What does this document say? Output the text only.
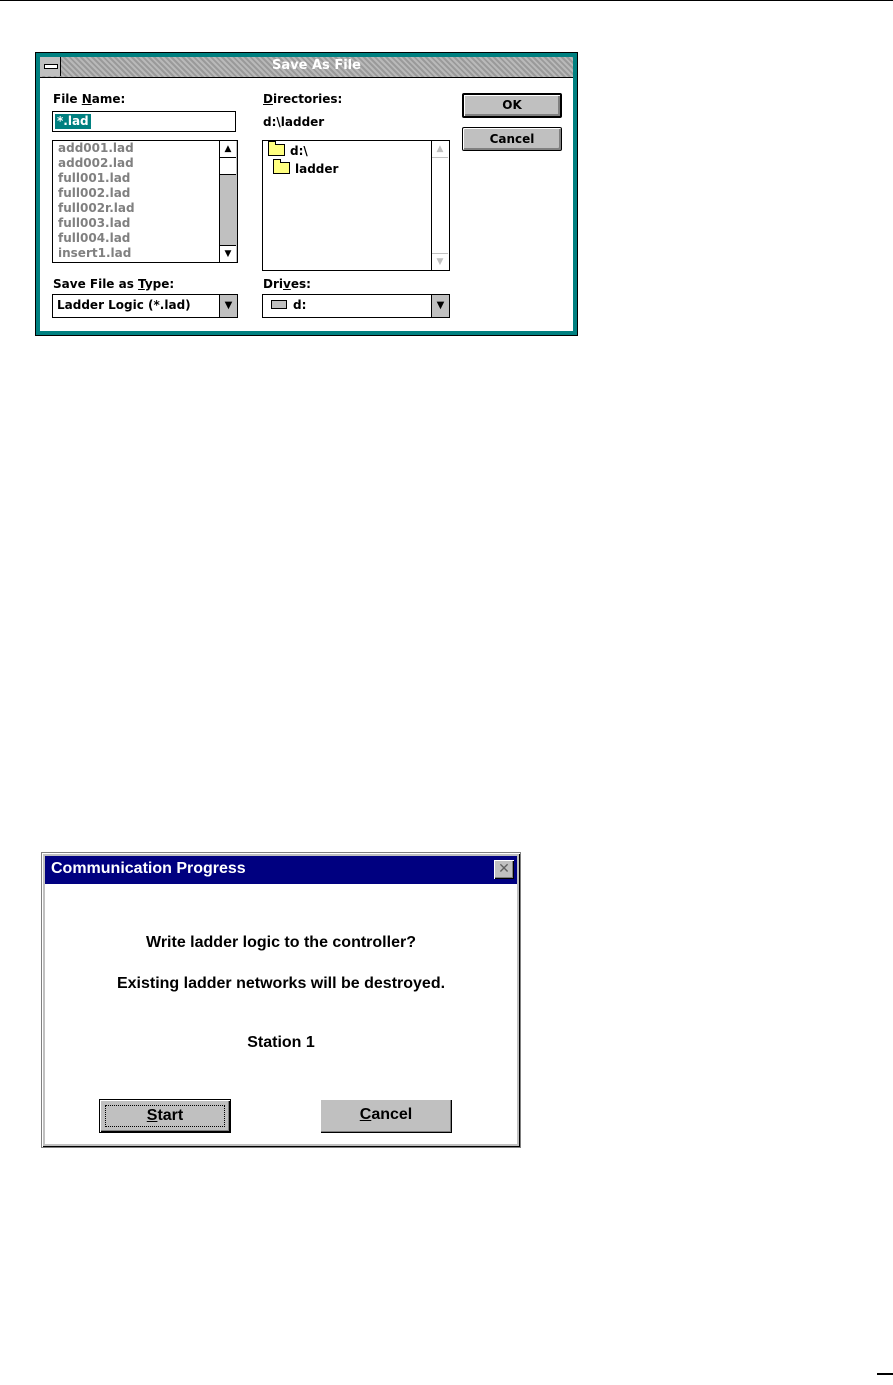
Save As File
File Name:
*.lad
add001.lad
add002.lad
full001.lad
full002.lad
full002r.lad
full003.lad
full004.lad
insert1.lad
▲
▼
Directories:
d:\ladder
d:\
ladder
▲
▼
Save File as Type:
Ladder Logic (*.lad)	▼
Drives:
d:	▼
OK
Cancel
Communication Progress	✕
Write ladder logic to the controller?
Existing ladder networks will be destroyed.
Station 1
Start	Cancel
